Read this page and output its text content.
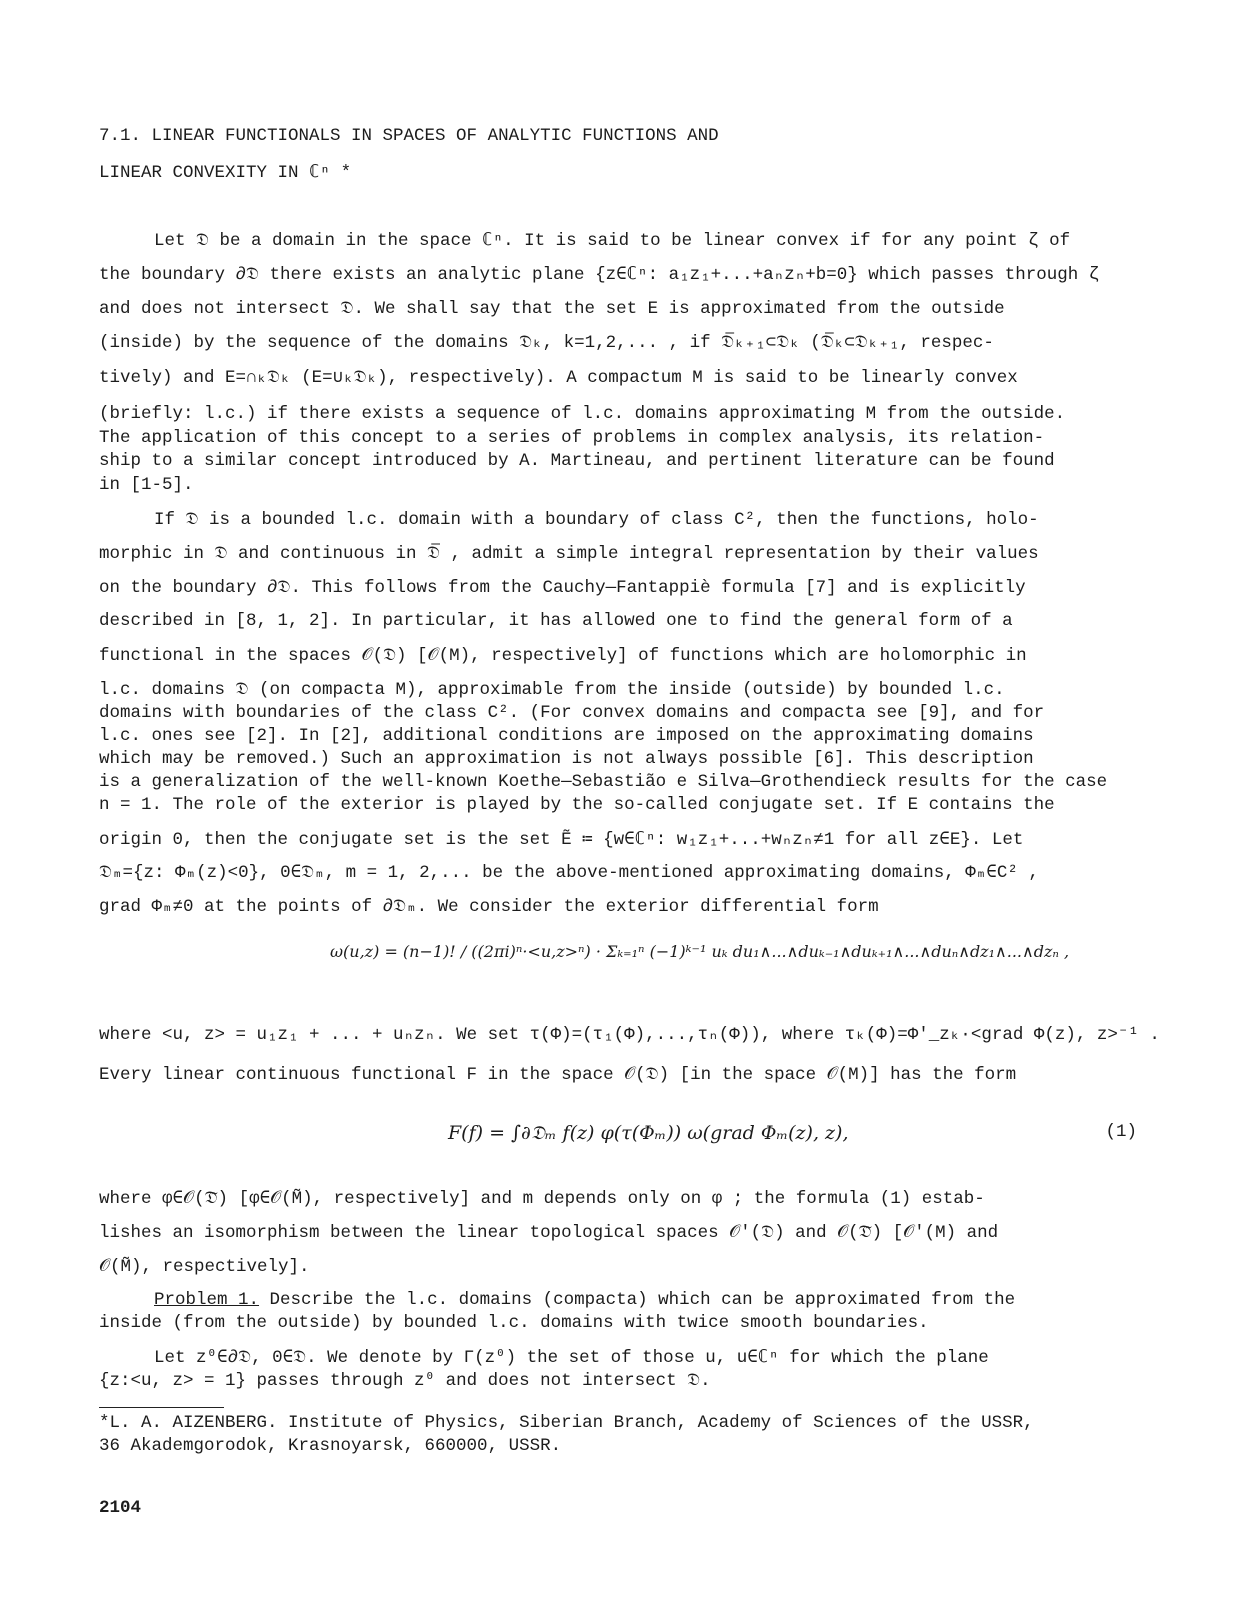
7.1. LINEAR FUNCTIONALS IN SPACES OF ANALYTIC FUNCTIONS AND
LINEAR CONVEXITY IN ℂⁿ *
Let 𝔇 be a domain in the space ℂⁿ. It is said to be linear convex if for any point ζ of
the boundary ∂𝔇 there exists an analytic plane {z∈ℂⁿ: a₁z₁+...+aₙzₙ+b=0} which passes through ζ
and does not intersect 𝔇. We shall say that the set E is approximated from the outside
(inside) by the sequence of the domains 𝔇ₖ, k=1,2,... , if 𝔇̅ₖ₊₁⊂𝔇ₖ (𝔇̅ₖ⊂𝔇ₖ₊₁, respec-
tively) and E=∩ₖ𝔇ₖ (E=∪ₖ𝔇ₖ), respectively). A compactum M is said to be linearly convex
(briefly: l.c.) if there exists a sequence of l.c. domains approximating M from the outside.
The application of this concept to a series of problems in complex analysis, its relation-
ship to a similar concept introduced by A. Martineau, and pertinent literature can be found
in [1-5].
If 𝔇 is a bounded l.c. domain with a boundary of class C², then the functions, holo-
morphic in 𝔇 and continuous in 𝔇̅ , admit a simple integral representation by their values
on the boundary ∂𝔇. This follows from the Cauchy—Fantappiè formula [7] and is explicitly
described in [8, 1, 2]. In particular, it has allowed one to find the general form of a
functional in the spaces 𝒪(𝔇) [𝒪(M), respectively] of functions which are holomorphic in
l.c. domains 𝔇 (on compacta M), approximable from the inside (outside) by bounded l.c.
domains with boundaries of the class C². (For convex domains and compacta see [9], and for
l.c. ones see [2]. In [2], additional conditions are imposed on the approximating domains
which may be removed.) Such an approximation is not always possible [6]. This description
is a generalization of the well-known Koethe—Sebastião e Silva—Grothendieck results for the case
n = 1. The role of the exterior is played by the so-called conjugate set. If E contains the
origin 0, then the conjugate set is the set Ẽ ≔ {w∈ℂⁿ: w₁z₁+...+wₙzₙ≠1 for all z∈E}. Let
𝔇ₘ={z: Φₘ(z)<0}, 0∈𝔇ₘ, m = 1, 2,... be the above-mentioned approximating domains, Φₘ∈C² ,
grad Φₘ≠0 at the points of ∂𝔇ₘ. We consider the exterior differential form
ω(u,z) = (n−1)! / ((2πi)ⁿ·<u,z>ⁿ) · Σₖ₌₁ⁿ (−1)ᵏ⁻¹ uₖ du₁∧...∧duₖ₋₁∧duₖ₊₁∧...∧duₙ∧dz₁∧...∧dzₙ ,
where <u, z> = u₁z₁ + ... + uₙzₙ. We set τ(Φ)=(τ₁(Φ),...,τₙ(Φ)), where τₖ(Φ)=Φ'_zₖ·<grad Φ(z), z>⁻¹ .
Every linear continuous functional F in the space 𝒪(𝔇) [in the space 𝒪(M)] has the form
F(f) = ∫∂𝔇ₘ f(z) φ(τ(Φₘ)) ω(grad Φₘ(z), z),	(1)
where φ∈𝒪(𝔇̃) [φ∈𝒪(M̃), respectively] and m depends only on φ ; the formula (1) estab-
lishes an isomorphism between the linear topological spaces 𝒪'(𝔇) and 𝒪(𝔇̃) [𝒪'(M) and
𝒪(M̃), respectively].
Problem 1. Describe the l.c. domains (compacta) which can be approximated from the
inside (from the outside) by bounded l.c. domains with twice smooth boundaries.
Let z⁰∈∂𝔇, 0∈𝔇. We denote by Γ(z⁰) the set of those u, u∈ℂⁿ for which the plane
{z:<u, z> = 1} passes through z⁰ and does not intersect 𝔇.
*L. A. AIZENBERG. Institute of Physics, Siberian Branch, Academy of Sciences of the USSR,
36 Akademgorodok, Krasnoyarsk, 660000, USSR.
2104
